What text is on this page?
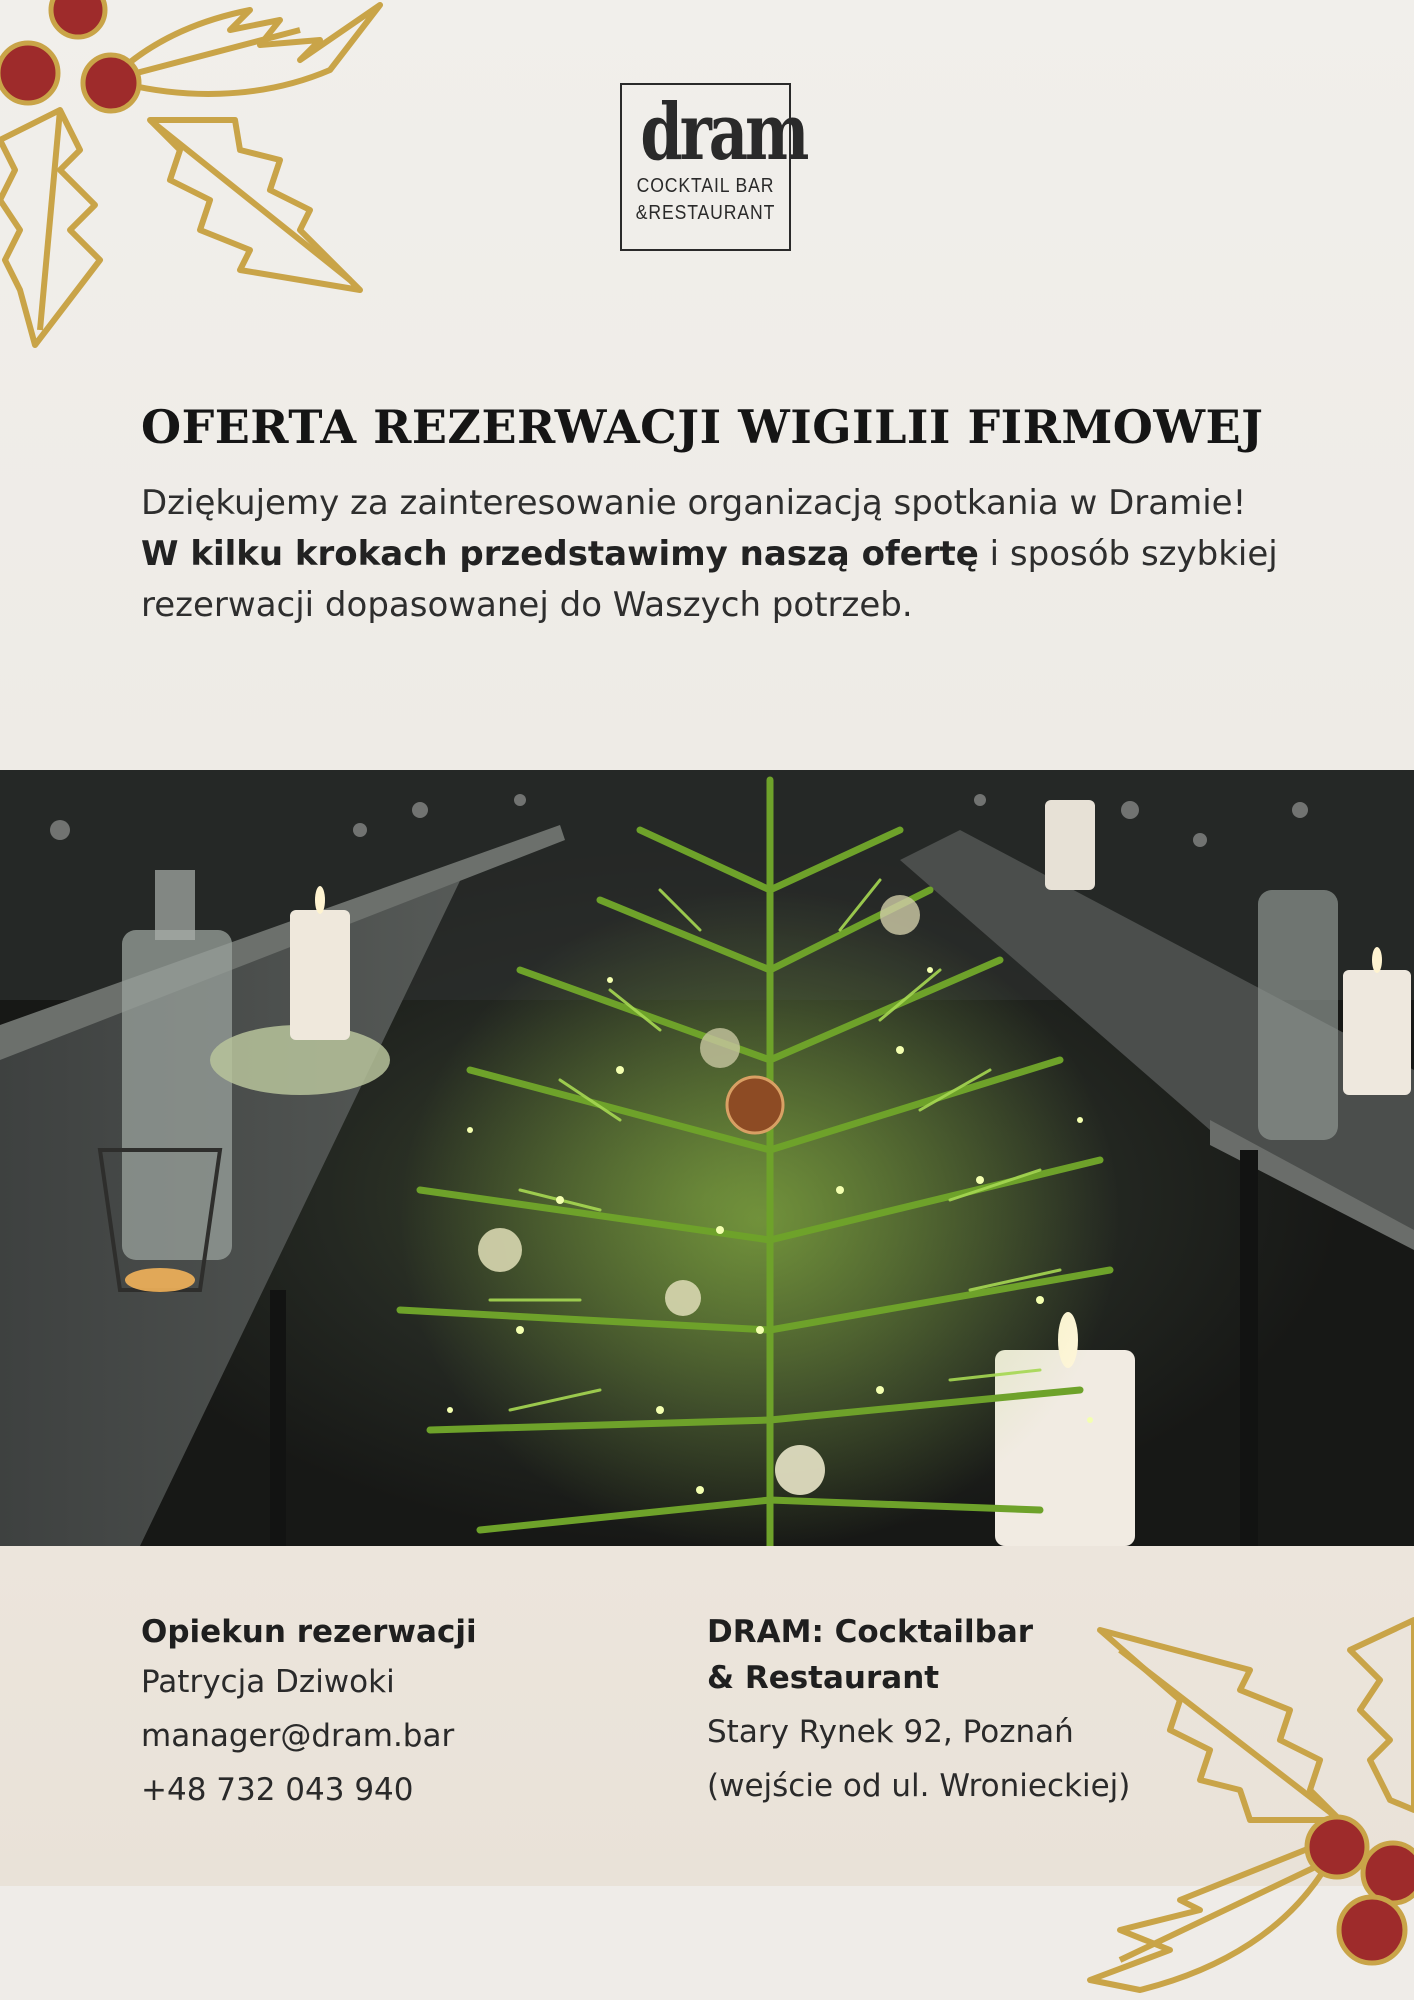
dram
COCKTAIL BAR
&RESTAURANT
OFERTA REZERWACJI WIGILII FIRMOWEJ
Dziękujemy za zainteresowanie organizacją spotkania w Dramie!
W kilku krokach przedstawimy naszą ofertę i sposób szybkiej
rezerwacji dopasowanej do Waszych potrzeb.
Opiekun rezerwacji
Patrycja Dziwoki
manager@dram.bar
+48 732 043 940
DRAM: Cocktailbar
& Restaurant
Stary Rynek 92, Poznań
(wejście od ul. Wronieckiej)
